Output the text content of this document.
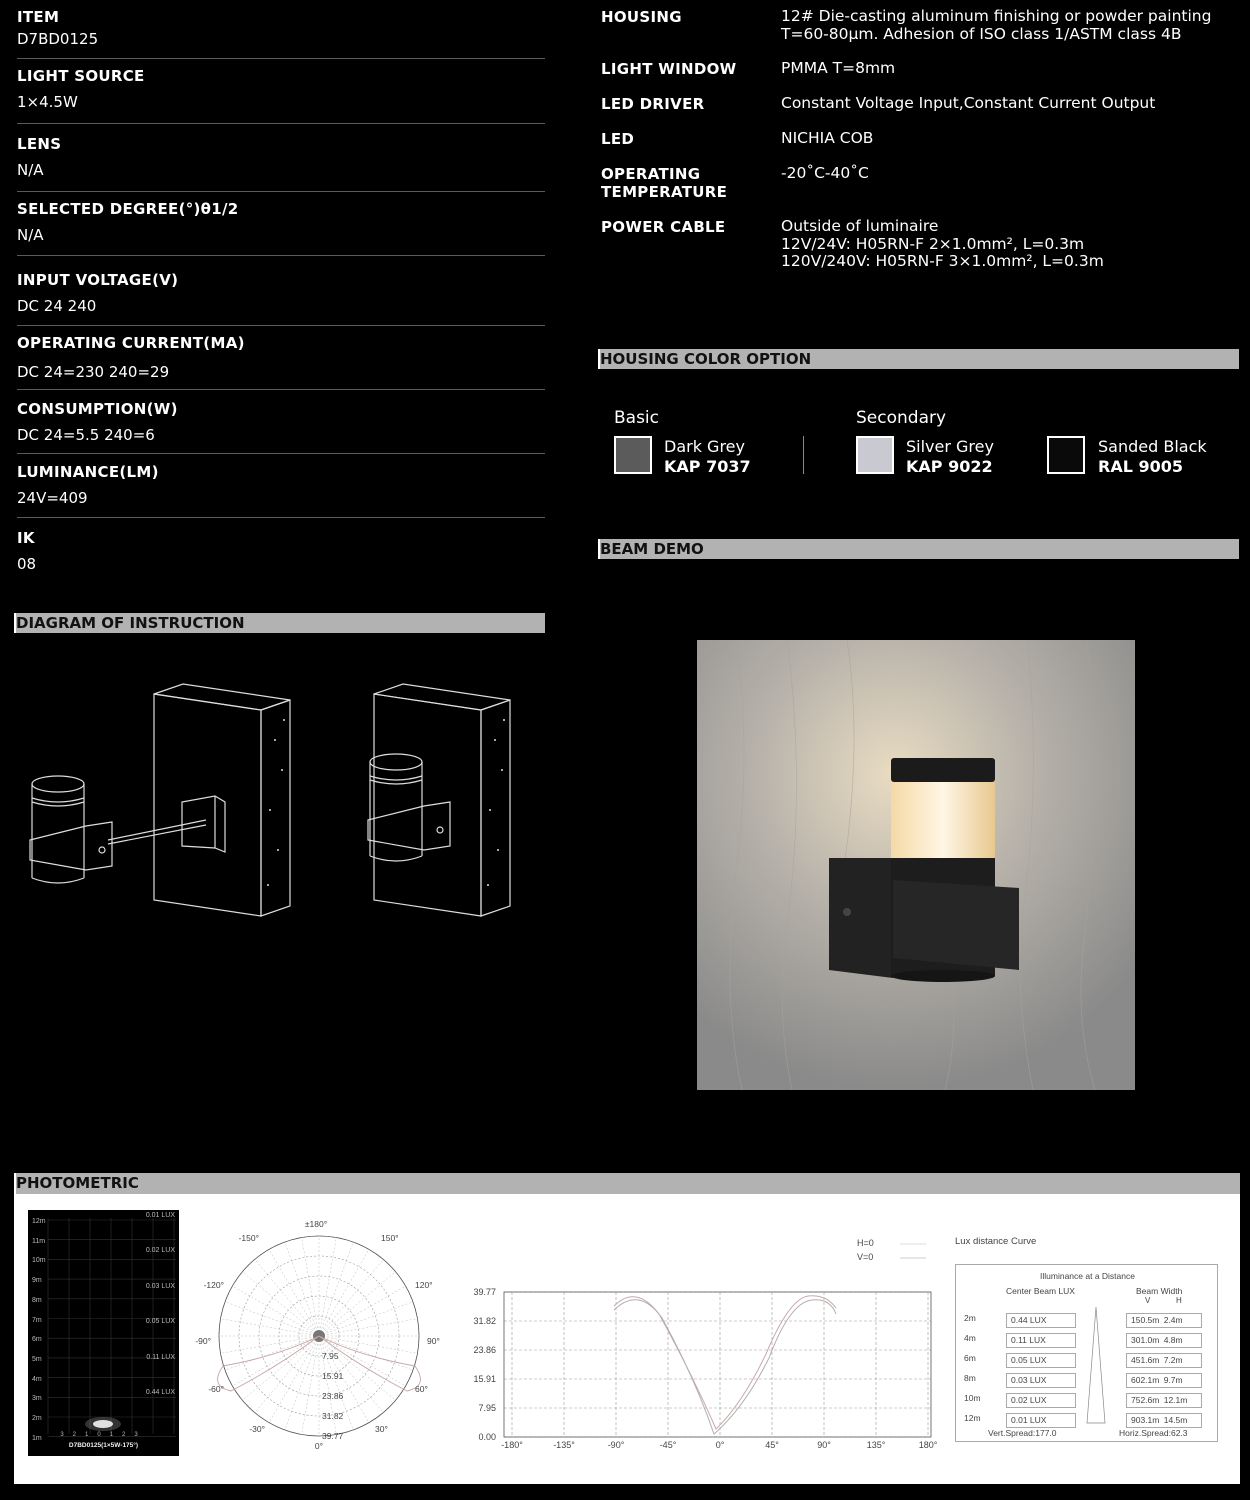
ITEM
D7BD0125
LIGHT SOURCE
1×4.5W
LENS
N/A
SELECTED DEGREE(°)θ1/2
N/A
INPUT VOLTAGE(V)
DC 24 240
OPERATING CURRENT(MA)
DC 24=230 240=29
CONSUMPTION(W)
DC 24=5.5 240=6
LUMINANCE(LM)
24V=409
IK
08
HOUSING	12# Die-casting aluminum finishing or powder painting
T=60-80μm. Adhesion of ISO class 1/ASTM class 4B
LIGHT WINDOW	PMMA T=8mm
LED DRIVER	Constant Voltage Input,Constant Current Output
LED	NICHIA COB
OPERATING
TEMPERATURE
-20˚C-40˚C
POWER CABLE	Outside of luminaire
12V/24V: H05RN-F 2×1.0mm², L=0.3m
120V/240V: H05RN-F 3×1.0mm², L=0.3m
HOUSING COLOR OPTION
BEAM DEMO
DIAGRAM OF INSTRUCTION
PHOTOMETRIC
Basic	Secondary
Dark Grey
KAP 7037
Silver Grey
KAP 9022
Sanded Black
RAL 9005
12m
11m
10m
9m
8m
7m
6m
5m
4m
3m
2m
1m
0.01 LUX
0.02 LUX
0.03 LUX
0.05 LUX
0.11 LUX
0.44 LUX
3210123
D7BD0125(1×5W-175°)
±180°
-150°	150°
-120°	120°
-90°	90°
-60°	60°
-30°	30°
0°
7.95
15.91
23.86
31.82
39.77
39.77
31.82
23.86
15.91
7.95
0.00
-180°	-135°	-90°	-45°	0°	45°	90°	135°	180°
H=0
V=0
Lux distance Curve
Illuminance at a Distance
Center Beam LUX	Beam Width
V	H
2m	0.44 LUX	150.5m 2.4m
4m	0.11 LUX	301.0m 4.8m
6m	0.05 LUX	451.6m 7.2m
8m	0.03 LUX	602.1m 9.7m
10m	0.02 LUX	752.6m 12.1m
12m	0.01 LUX	903.1m 14.5m
Vert.Spread:177.0	Horiz.Spread:62.3
